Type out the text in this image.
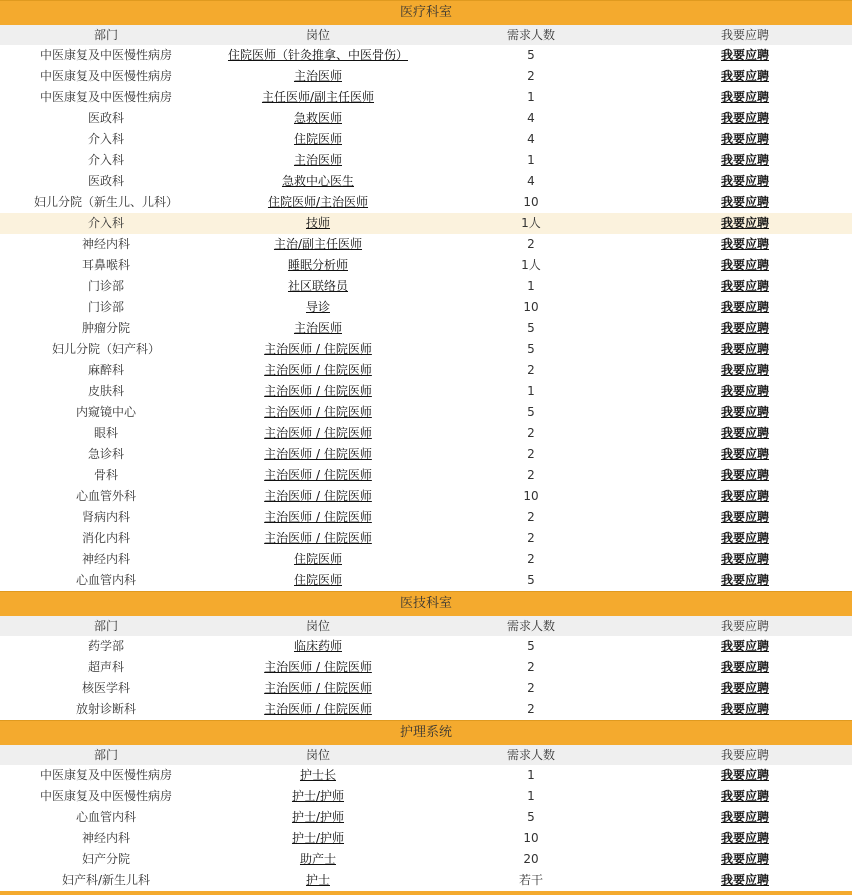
医疗科室
部门	岗位	需求人数	我要应聘
中医康复及中医慢性病房	住院医师（针灸推拿、中医骨伤）	5	我要应聘
中医康复及中医慢性病房	主治医师	2	我要应聘
中医康复及中医慢性病房	主任医师/副主任医师	1	我要应聘
医政科	急救医师	4	我要应聘
介入科	住院医师	4	我要应聘
介入科	主治医师	1	我要应聘
医政科	急救中心医生	4	我要应聘
妇儿分院（新生儿、儿科）	住院医师/主治医师	10	我要应聘
介入科	技师	1人	我要应聘
神经内科	主治/副主任医师	2	我要应聘
耳鼻喉科	睡眠分析师	1人	我要应聘
门诊部	社区联络员	1	我要应聘
门诊部	导诊	10	我要应聘
肿瘤分院	主治医师	5	我要应聘
妇儿分院（妇产科）	主治医师 / 住院医师	5	我要应聘
麻醉科	主治医师 / 住院医师	2	我要应聘
皮肤科	主治医师 / 住院医师	1	我要应聘
内窥镜中心	主治医师 / 住院医师	5	我要应聘
眼科	主治医师 / 住院医师	2	我要应聘
急诊科	主治医师 / 住院医师	2	我要应聘
骨科	主治医师 / 住院医师	2	我要应聘
心血管外科	主治医师 / 住院医师	10	我要应聘
肾病内科	主治医师 / 住院医师	2	我要应聘
消化内科	主治医师 / 住院医师	2	我要应聘
神经内科	住院医师	2	我要应聘
心血管内科	住院医师	5	我要应聘
医技科室
部门	岗位	需求人数	我要应聘
药学部	临床药师	5	我要应聘
超声科	主治医师 / 住院医师	2	我要应聘
核医学科	主治医师 / 住院医师	2	我要应聘
放射诊断科	主治医师 / 住院医师	2	我要应聘
护理系统
部门	岗位	需求人数	我要应聘
中医康复及中医慢性病房	护士长	1	我要应聘
中医康复及中医慢性病房	护士/护师	1	我要应聘
心血管内科	护士/护师	5	我要应聘
神经内科	护士/护师	10	我要应聘
妇产分院	助产士	20	我要应聘
妇产科/新生儿科	护士	若干	我要应聘
